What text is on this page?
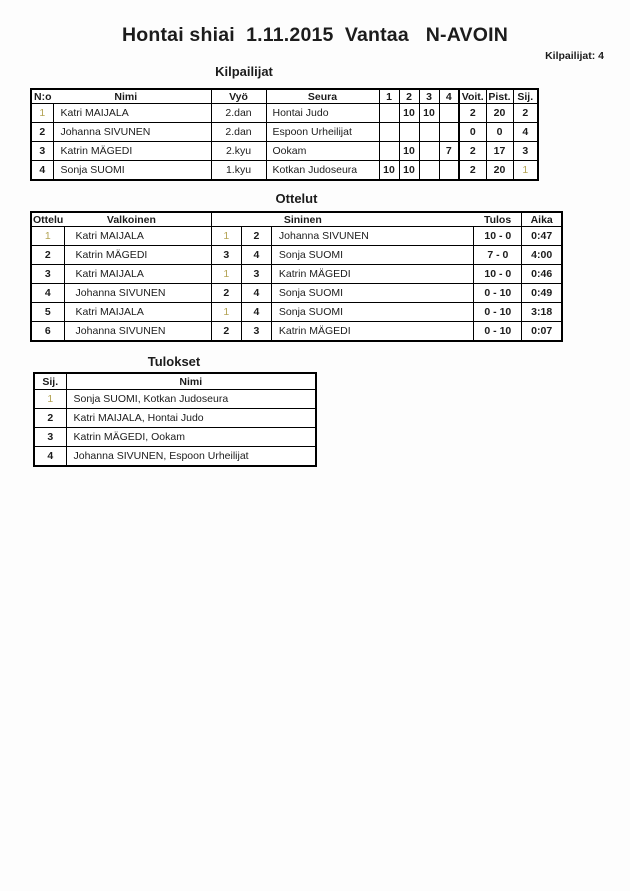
Hontai shiai  1.11.2015  Vantaa   N-AVOIN
Kilpailijat: 4
Kilpailijat
N:o	Nimi	Vyö	Seura	1	2	3	4	Voit.	Pist.	Sij.
1	Katri MAIJALA	2.dan	Hontai Judo		10	10		2	20	2
2	Johanna SIVUNEN	2.dan	Espoon Urheilijat					0	0	4
3	Katrin MÄGEDI	2.kyu	Ookam		10		7	2	17	3
4	Sonja SUOMI	1.kyu	Kotkan Judoseura	10	10			2	20	1
Ottelut
Ottelu	Valkoinen	Sininen			Tulos	Aika
1	Katri MAIJALA	1	2	Johanna SIVUNEN	10 - 0	0:47
2	Katrin MÄGEDI	3	4	Sonja SUOMI	7 - 0	4:00
3	Katri MAIJALA	1	3	Katrin MÄGEDI	10 - 0	0:46
4	Johanna SIVUNEN	2	4	Sonja SUOMI	0 - 10	0:49
5	Katri MAIJALA	1	4	Sonja SUOMI	0 - 10	3:18
6	Johanna SIVUNEN	2	3	Katrin MÄGEDI	0 - 10	0:07
Tulokset
Sij.	Nimi
1	Sonja SUOMI, Kotkan Judoseura
2	Katri MAIJALA, Hontai Judo
3	Katrin MÄGEDI, Ookam
4	Johanna SIVUNEN, Espoon Urheilijat
